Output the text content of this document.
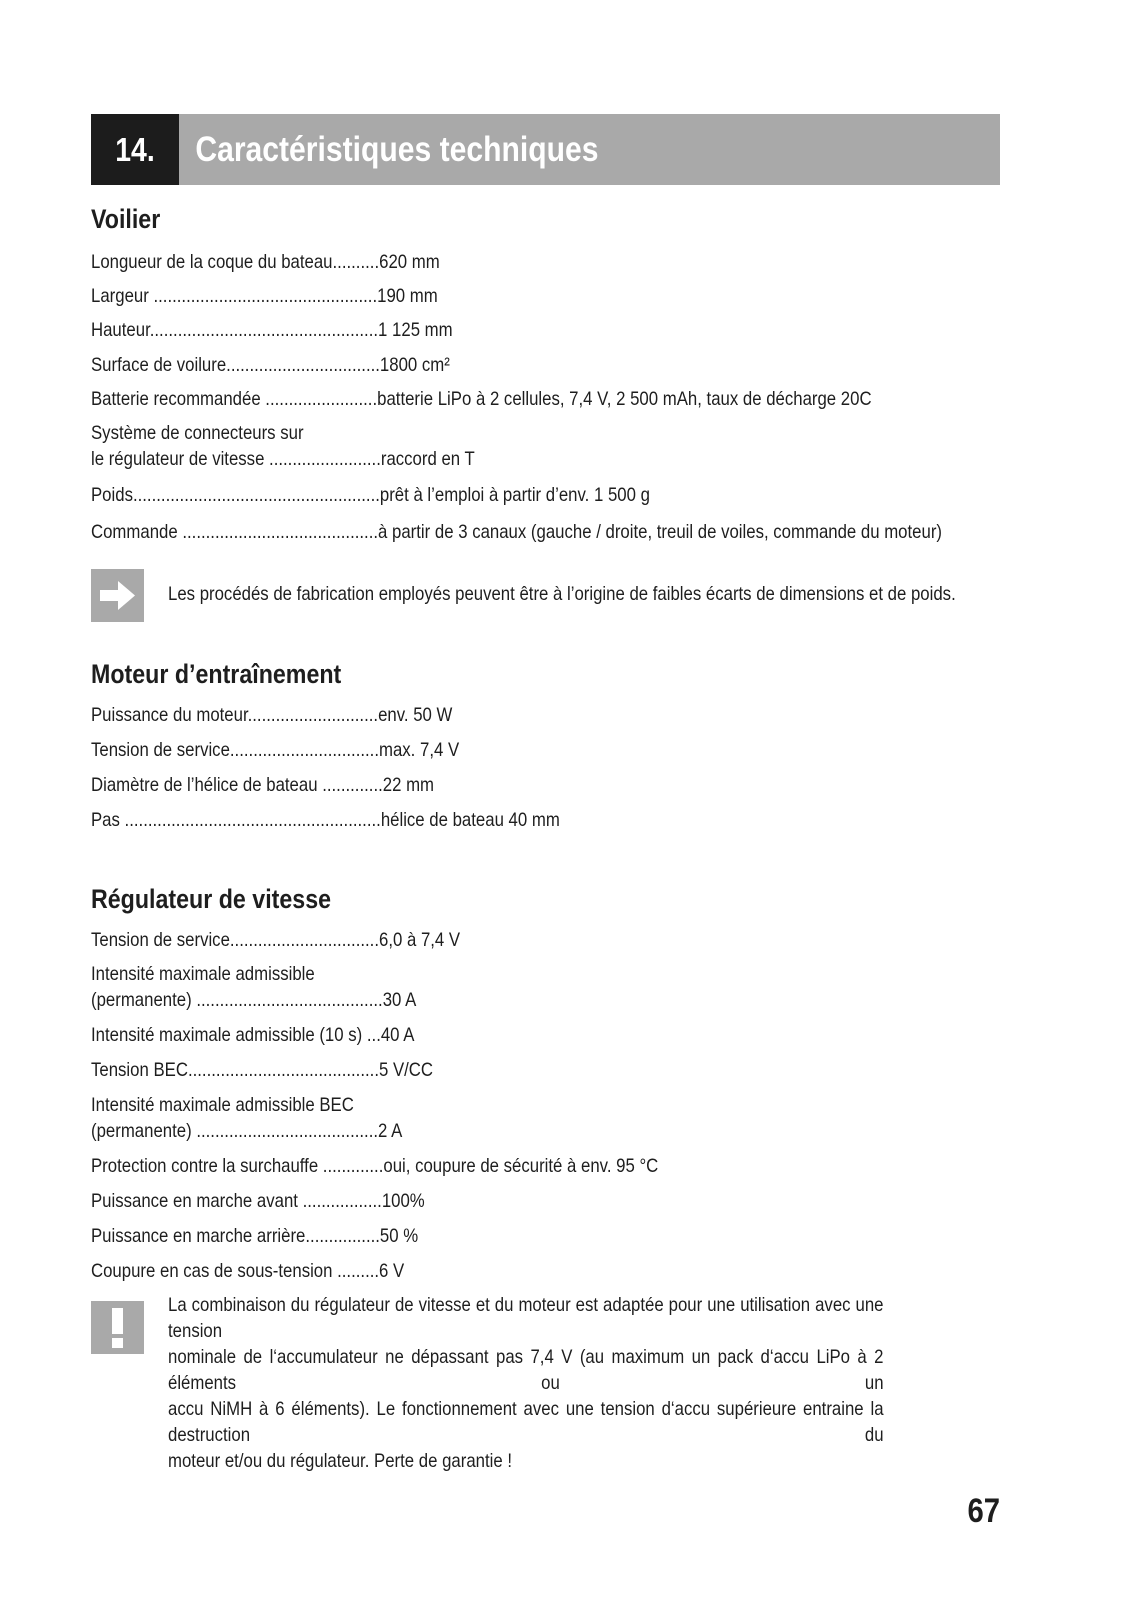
14.	Caractéristiques techniques
Voilier
Longueur de la coque du bateau..........620 mm
Largeur ................................................190 mm
Hauteur.................................................1 125 mm
Surface de voilure.................................1800 cm²
Batterie recommandée ........................batterie LiPo à 2 cellules, 7,4 V, 2 500 mAh, taux de décharge 20C
Système de connecteurs sur
le régulateur de vitesse ........................raccord en T
Poids.....................................................prêt à l’emploi à partir d’env. 1 500 g
Commande ..........................................à partir de 3 canaux (gauche / droite, treuil de voiles, commande du moteur)
Les procédés de fabrication employés peuvent être à l’origine de faibles écarts de dimensions et de poids.
Moteur d’entraînement
Puissance du moteur............................env. 50 W
Tension de service................................max. 7,4 V
Diamètre de l’hélice de bateau .............22 mm
Pas .......................................................hélice de bateau 40 mm
Régulateur de vitesse
Tension de service................................6,0 à 7,4 V
Intensité maximale admissible
(permanente) ........................................30 A
Intensité maximale admissible (10 s) ...40 A
Tension BEC.........................................5 V/CC
Intensité maximale admissible BEC
(permanente) .......................................2 A
Protection contre la surchauffe .............oui, coupure de sécurité à env. 95 °C
Puissance en marche avant .................100%
Puissance en marche arrière................50 %
Coupure en cas de sous-tension .........6 V
La combinaison du régulateur de vitesse et du moteur est adaptée pour une utilisation avec une tension
nominale de l‘accumulateur ne dépassant pas 7,4 V (au maximum un pack d‘accu LiPo à 2 éléments ou un
accu NiMH à 6 éléments). Le fonctionnement avec une tension d‘accu supérieure entraine la destruction du
moteur et/ou du régulateur. Perte de garantie !
67
